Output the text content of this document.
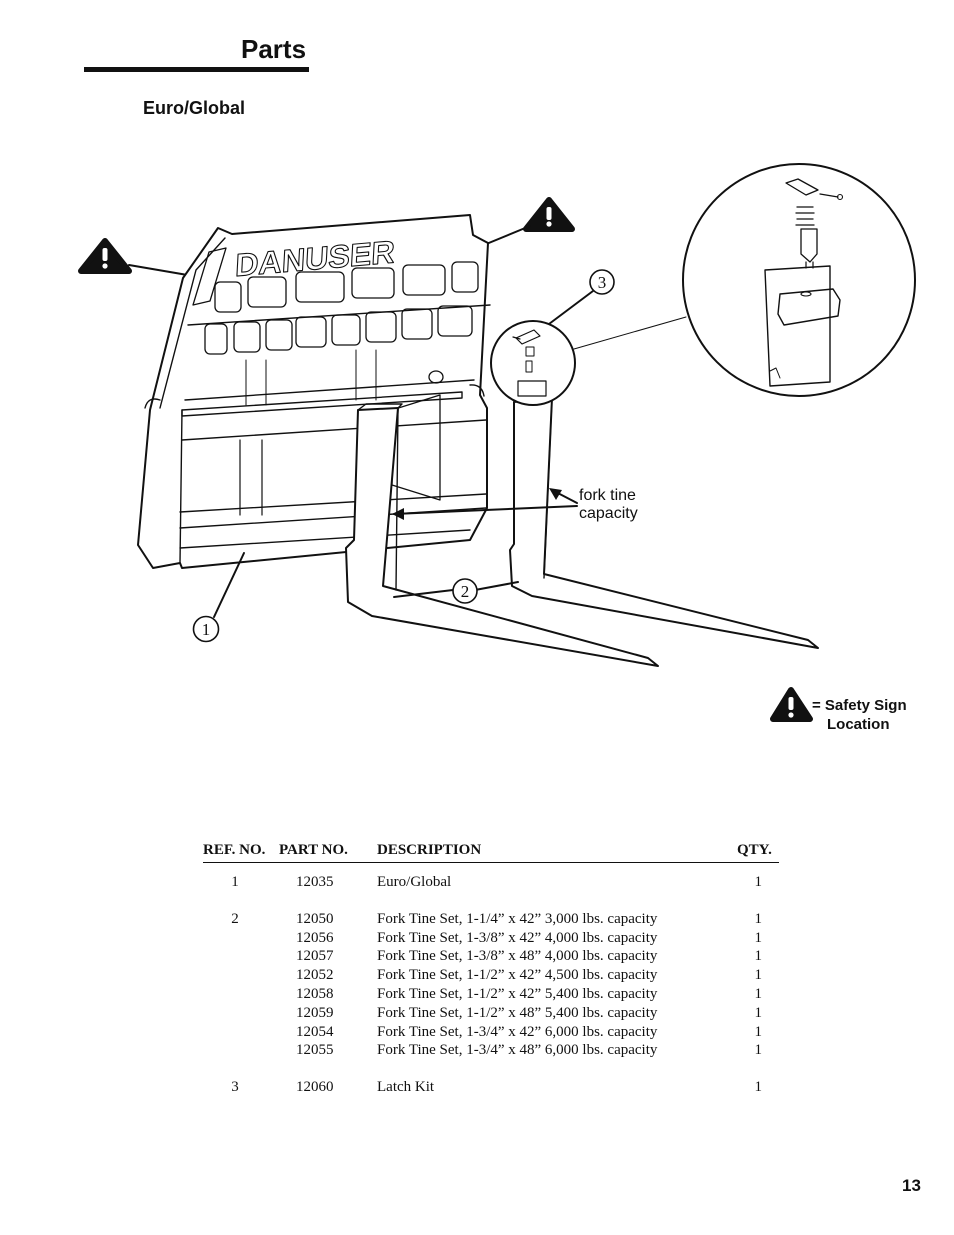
Parts
Euro/Global
DANUSER
1
2
3
fork tine capacity
= Safety Sign
Location
REF. NO.	PART NO.	DESCRIPTION	QTY.

1	12035	Euro/Global	1

2	12050	Fork Tine Set, 1-1/4” x 42” 3,000 lbs. capacity	1
	12056	Fork Tine Set, 1-3/8” x 42” 4,000 lbs. capacity	1
	12057	Fork Tine Set, 1-3/8” x 48” 4,000 lbs. capacity	1
	12052	Fork Tine Set, 1-1/2” x 42” 4,500 lbs. capacity	1
	12058	Fork Tine Set, 1-1/2” x 42” 5,400 lbs. capacity	1
	12059	Fork Tine Set, 1-1/2” x 48” 5,400 lbs. capacity	1
	12054	Fork Tine Set, 1-3/4” x 42” 6,000 lbs. capacity	1
	12055	Fork Tine Set, 1-3/4” x 48” 6,000 lbs. capacity	1

3	12060	Latch Kit	1
13
